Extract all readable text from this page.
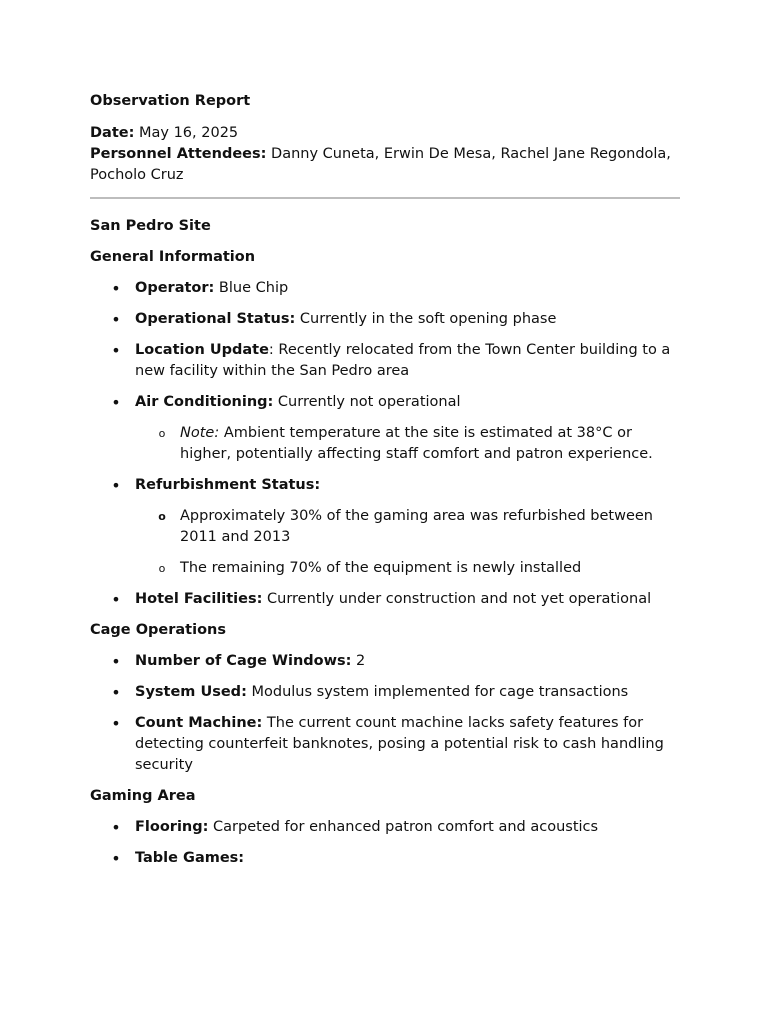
Observation Report

Date: May 16, 2025

Personnel Attendees: Danny Cuneta, Erwin De Mesa, Rachel Jane Regondola, Pocholo Cruz

San Pedro Site

General Information

• Operator: Blue Chip
• Operational Status: Currently in the soft opening phase
• Location Update: Recently relocated from the Town Center building to a new facility within the San Pedro area
• Air Conditioning: Currently not operational
o Note: Ambient temperature at the site is estimated at 38°C or higher, potentially affecting staff comfort and patron experience.
• Refurbishment Status:
o Approximately 30% of the gaming area was refurbished between 2011 and 2013
o The remaining 70% of the equipment is newly installed
• Hotel Facilities: Currently under construction and not yet operational

Cage Operations

• Number of Cage Windows: 2
• System Used: Modulus system implemented for cage transactions
• Count Machine: The current count machine lacks safety features for detecting counterfeit banknotes, posing a potential risk to cash handling security

Gaming Area

• Flooring: Carpeted for enhanced patron comfort and acoustics
• Table Games:
